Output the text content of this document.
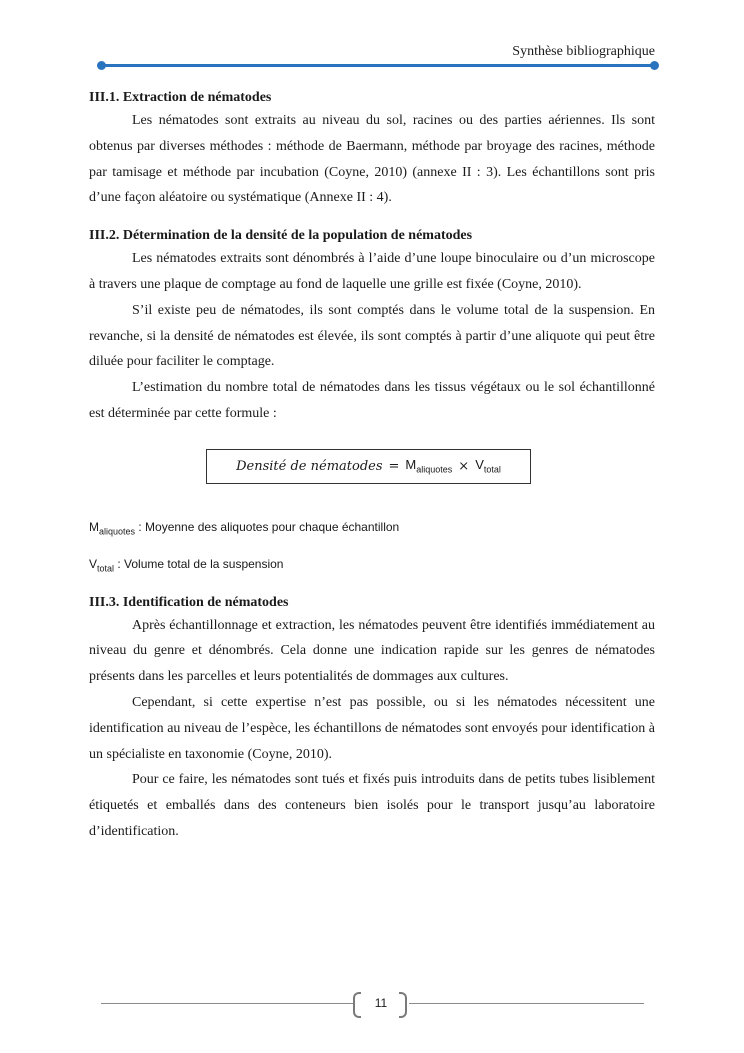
Synthèse bibliographique
III.1. Extraction de nématodes

Les nématodes sont extraits au niveau du sol, racines ou des parties aériennes. Ils sont obtenus par diverses méthodes : méthode de Baermann, méthode par broyage des racines, méthode par tamisage et méthode par incubation (Coyne, 2010) (annexe II : 3). Les échantillons sont pris d’une façon aléatoire ou systématique (Annexe II : 4).

III.2. Détermination de la densité de la population de nématodes

Les nématodes extraits sont dénombrés à l’aide d’une loupe binoculaire ou d’un microscope à travers une plaque de comptage au fond de laquelle une grille est fixée (Coyne, 2010).

S’il existe peu de nématodes, ils sont comptés dans le volume total de la suspension. En revanche, si la densité de nématodes est élevée, ils sont comptés à partir d’une aliquote qui peut être diluée pour faciliter le comptage.

L’estimation du nombre total de nématodes dans les tissus végétaux ou le sol échantillonné est déterminée par cette formule :

Densité de nématodes = $M_{aliquotes} \times V_{total}$

$M_{aliquotes}$ : Moyenne des aliquotes pour chaque échantillon

$V_{total}$ : Volume total de la suspension

III.3. Identification de nématodes

Après échantillonnage et extraction, les nématodes peuvent être identifiés immédiatement au niveau du genre et dénombrés. Cela donne une indication rapide sur les genres de nématodes présents dans les parcelles et leurs potentialités de dommages aux cultures.

Cependant, si cette expertise n’est pas possible, ou si les nématodes nécessitent une identification au niveau de l’espèce, les échantillons de nématodes sont envoyés pour identification à un spécialiste en taxonomie (Coyne, 2010).

Pour ce faire, les nématodes sont tués et fixés puis introduits dans de petits tubes lisiblement étiquetés et emballés dans des conteneurs bien isolés pour le transport jusqu’au laboratoire d’identification.

11
